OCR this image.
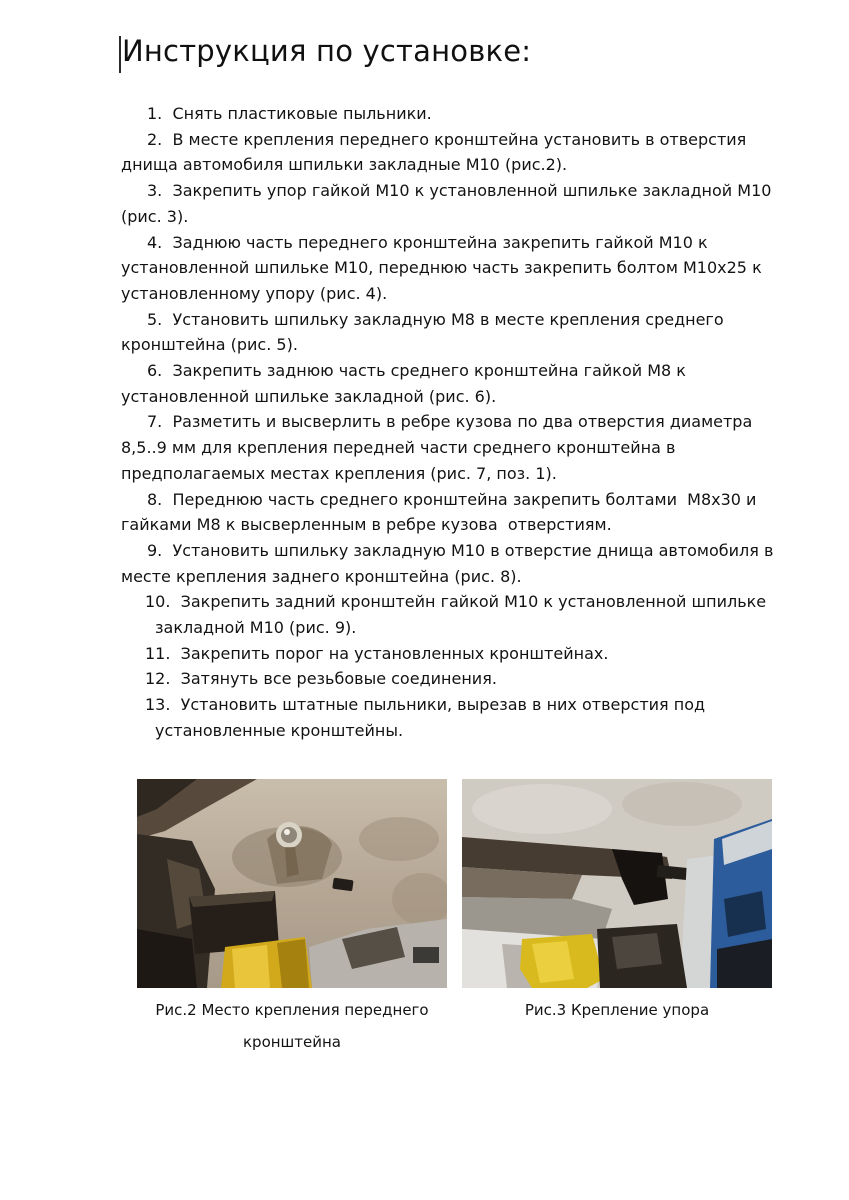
Инструкция по установке:

1.  Снять пластиковые пыльники.

2.  В месте крепления переднего кронштейна установить в отверстия днища автомобиля шпильки закладные М10 (рис.2).

3.  Закрепить упор гайкой М10 к установленной шпильке закладной М10 (рис. 3).

4.  Заднюю часть переднего кронштейна закрепить гайкой М10 к установленной шпильке М10, переднюю часть закрепить болтом М10х25 к установленному упору (рис. 4).

5.  Установить шпильку закладную М8 в месте крепления среднего кронштейна (рис. 5).

6.  Закрепить заднюю часть среднего кронштейна гайкой М8 к установленной шпильке закладной (рис. 6).

7.  Разметить и высверлить в ребре кузова по два отверстия диаметра 8,5..9 мм для крепления передней части среднего кронштейна в предполагаемых местах крепления (рис. 7, поз. 1).

8.  Переднюю часть среднего кронштейна закрепить болтами  М8х30 и гайками М8 к высверленным в ребре кузова  отверстиям.

9.  Установить шпильку закладную М10 в отверстие днища автомобиля в месте крепления заднего кронштейна (рис. 8).

10.  Закрепить задний кронштейн гайкой М10 к установленной шпильке закладной М10 (рис. 9).

11.  Закрепить порог на установленных кронштейнах.

12.  Затянуть все резьбовые соединения.

13.  Установить штатные пыльники, вырезав в них отверстия под установленные кронштейны.

Рис.2 Место крепления переднего кронштейна
Рис.3 Крепление упора
